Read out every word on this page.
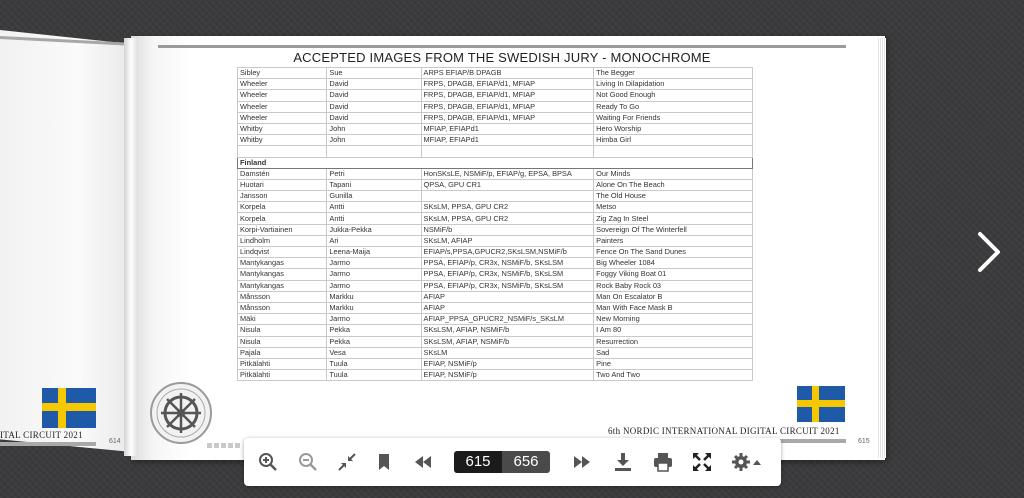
ACCEPTED IMAGES FROM THE SWEDISH JURY - MONOCHROME
Sibley	Sue	ARPS EFIAP/B DPAGB	The Begger
Wheeler	David	FRPS, DPAGB, EFIAP/d1, MFIAP	Living In Dilapidation
Wheeler	David	FRPS, DPAGB, EFIAP/d1, MFIAP	Not Good Enough
Wheeler	David	FRPS, DPAGB, EFIAP/d1, MFIAP	Ready To Go
Wheeler	David	FRPS, DPAGB, EFIAP/d1, MFIAP	Waiting For Friends
Whitby	John	MFIAP, EFIAPd1	Hero Worship
Whitby	John	MFIAP, EFIAPd1	Himba Girl

Finland			
Damstén	Petri	HonSKsLE, NSMiF/p, EFIAP/g, EPSA, BPSA	Our Minds
Huotari	Tapani	QPSA, GPU CR1	Alone On The Beach
Jansson	Gunilla		The Old House
Korpela	Antti	SKsLM, PPSA, GPU CR2	Metso
Korpela	Antti	SKsLM, PPSA, GPU CR2	Zig Zag In Steel
Korpi-Vartiainen	Jukka-Pekka	NSMiF/b	Sovereign Of The Winterfell
Lindholm	Ari	SKsLM, AFIAP	Painters
Lindqvist	Leena-Maija	EFIAP/s,PPSA,GPUCR2,SKsLSM,NSMiF/b	Fence On The Sand Dunes
Mantykangas	Jarmo	PPSA, EFIAP/p, CR3x, NSMiF/b, SKsLSM	Big Wheeler 1084
Mantykangas	Jarmo	PPSA, EFIAP/p, CR3x, NSMiF/b, SKsLSM	Foggy Viking Boat 01
Mantykangas	Jarmo	PPSA, EFIAP/p, CR3x, NSMiF/b, SKsLSM	Rock Baby Rock 03
Månsson	Markku	AFIAP	Man On Escalator B
Månsson	Markku	AFIAP	Man With Face Mask B
Mäki	Jarmo	AFIAP_PPSA_GPUCR2_NSMiF/s_SKsLM	New Morning
Nisula	Pekka	SKsLSM, AFIAP, NSMiF/b	I Am 80
Nisula	Pekka	SKsLSM, AFIAP, NSMiF/b	Resurrection
Pajala	Vesa	SKsLM	Sad
Pitkälahti	Tuula	EFIAP, NSMiF/p	Pine
Pitkälahti	Tuula	EFIAP, NSMiF/p	Two And Two
ITAL CIRCUIT 2021
614
6th NORDIC INTERNATIONAL DIGITAL CIRCUIT 2021
615
615	656
